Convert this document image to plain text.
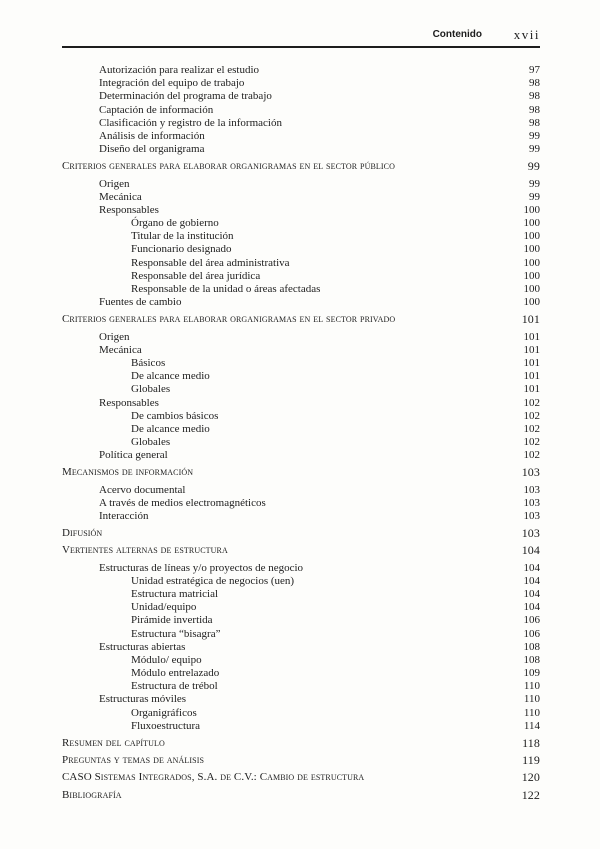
Contenido xvii
Autorización para realizar el estudio	97
Integración del equipo de trabajo	98
Determinación del programa de trabajo	98
Captación de información	98
Clasificación y registro de la información	98
Análisis de información	99
Diseño del organigrama	99
Criterios generales para elaborar organigramas en el sector público	99
Origen	99
Mecánica	99
Responsables	100
Órgano de gobierno	100
Titular de la institución	100
Funcionario designado	100
Responsable del área administrativa	100
Responsable del área jurídica	100
Responsable de la unidad o áreas afectadas	100
Fuentes de cambio	100
Criterios generales para elaborar organigramas en el sector privado	101
Origen	101
Mecánica	101
Básicos	101
De alcance medio	101
Globales	101
Responsables	102
De cambios básicos	102
De alcance medio	102
Globales	102
Política general	102
Mecanismos de información	103
Acervo documental	103
A través de medios electromagnéticos	103
Interacción	103
Difusión	103
Vertientes alternas de estructura	104
Estructuras de líneas y/o proyectos de negocio	104
Unidad estratégica de negocios (uen)	104
Estructura matricial	104
Unidad/equipo	104
Pirámide invertida	106
Estructura “bisagra”	106
Estructuras abiertas	108
Módulo/ equipo	108
Módulo entrelazado	109
Estructura de trébol	110
Estructuras móviles	110
Organigráficos	110
Fluxoestructura	114
Resumen del capítulo	118
Preguntas y temas de análisis	119
CASO Sistemas Integrados, S.A. de C.V.: Cambio de estructura	120
Bibliografía	122
